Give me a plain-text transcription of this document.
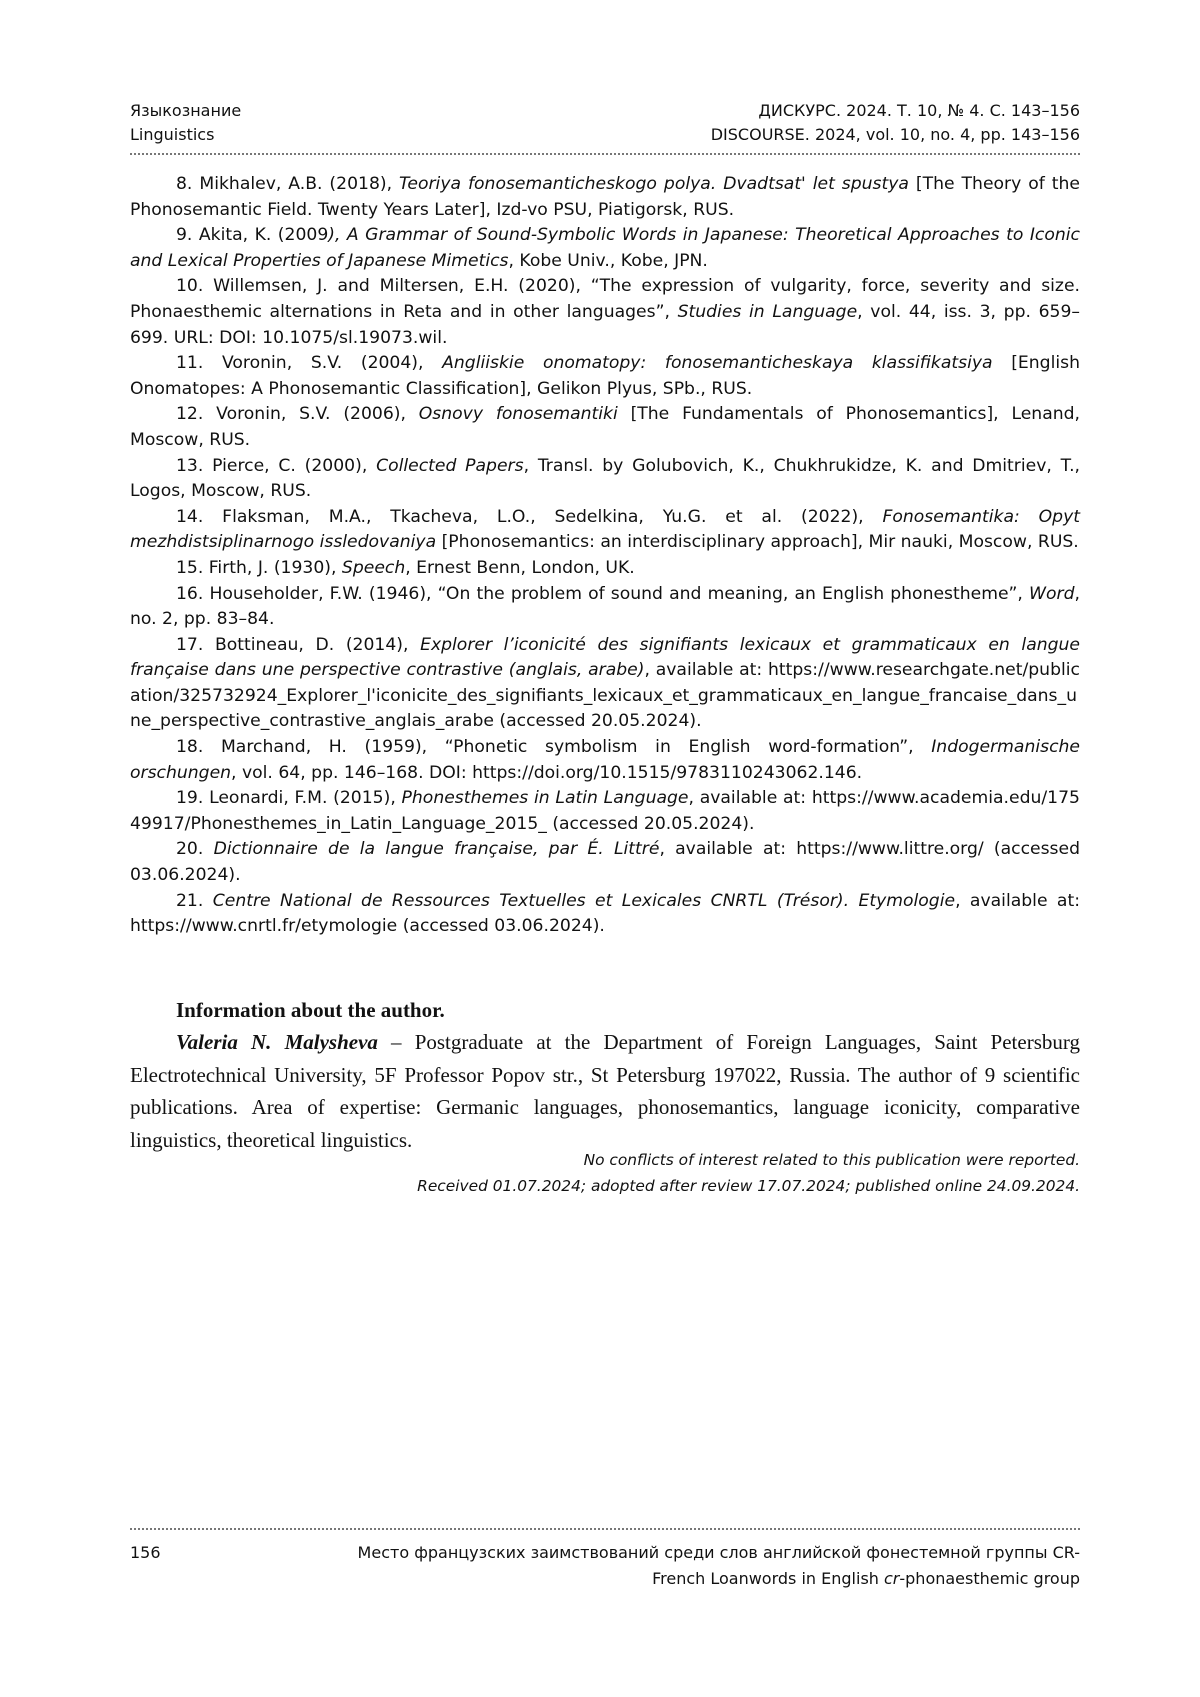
Языкознание	ДИСКУРС. 2024. Т. 10, № 4. С. 143–156
Linguistics	DISCOURSE. 2024, vol. 10, no. 4, pp. 143–156

8. Mikhalev, A.B. (2018), Teoriya fonosemanticheskogo polya. Dvadtsat' let spustya [The Theory of the Phonosemantic Field. Twenty Years Later], Izd-vo PSU, Piatigorsk, RUS.

9. Akita, K. (2009), A Grammar of Sound-Symbolic Words in Japanese: Theoretical Approaches to Iconic and Lexical Properties of Japanese Mimetics, Kobe Univ., Kobe, JPN.

10. Willemsen, J. and Miltersen, E.H. (2020), “The expression of vulgarity, force, severity and size. Phonaesthemic alternations in Reta and in other languages”, Studies in Language, vol. 44, iss. 3, pp. 659–699. URL: DOI: 10.1075/sl.19073.wil.

11. Voronin, S.V. (2004), Angliiskie onomatopy: fonosemanticheskaya klassifikatsiya [English Onomatopes: A Phonosemantic Classification], Gelikon Plyus, SPb., RUS.

12. Voronin, S.V. (2006), Osnovy fonosemantiki [The Fundamentals of Phonosemantics], Lenand, Moscow, RUS.

13. Pierce, C. (2000), Collected Papers, Transl. by Golubovich, K., Chukhrukidze, K. and Dmitriev, T., Logos, Moscow, RUS.

14. Flaksman, M.A., Tkacheva, L.O., Sedelkina, Yu.G. et al. (2022), Fonosemantika: Opyt mezhdistsiplinarnogo issledovaniya [Phonosemantics: an interdisciplinary approach], Mir nauki, Moscow, RUS.

15. Firth, J. (1930), Speech, Ernest Benn, London, UK.

16. Householder, F.W. (1946), “On the problem of sound and meaning, an English phonestheme”, Word, no. 2, pp. 83–84.

17. Bottineau, D. (2014), Explorer l’iconicité des signifiants lexicaux et grammaticaux en langue française dans une perspective contrastive (anglais, arabe), available at: https://www.researchgate.net/publication/325732924_Explorer_l'iconicite_des_signifiants_lexicaux_et_grammaticaux_en_langue_francaise_dans_une_perspective_contrastive_anglais_arabe (accessed 20.05.2024).

18. Marchand, H. (1959), “Phonetic symbolism in English word-formation”, Indogermanische orschungen, vol. 64, pp. 146–168. DOI: https://doi.org/10.1515/9783110243062.146.

19. Leonardi, F.M. (2015), Phonesthemes in Latin Language, available at: https://www.academia.edu/17549917/Phonesthemes_in_Latin_Language_2015_ (accessed 20.05.2024).

20. Dictionnaire de la langue française, par É. Littré, available at: https://www.littre.org/ (accessed 03.06.2024).

21. Centre National de Ressources Textuelles et Lexicales CNRTL (Trésor). Etymologie, available at: https://www.cnrtl.fr/etymologie (accessed 03.06.2024).

Information about the author.

Valeria N. Malysheva – Postgraduate at the Department of Foreign Languages, Saint Petersburg Electrotechnical University, 5F Professor Popov str., St Petersburg 197022, Russia. The author of 9 scientific publications. Area of expertise: Germanic languages, phonosemantics, language iconicity, comparative linguistics, theoretical linguistics.

No conflicts of interest related to this publication were reported.
Received 01.07.2024; adopted after review 17.07.2024; published online 24.09.2024.
156	Место французских заимствований среди слов английской фонестемной группы CR-
French Loanwords in English cr-phonaesthemic group
